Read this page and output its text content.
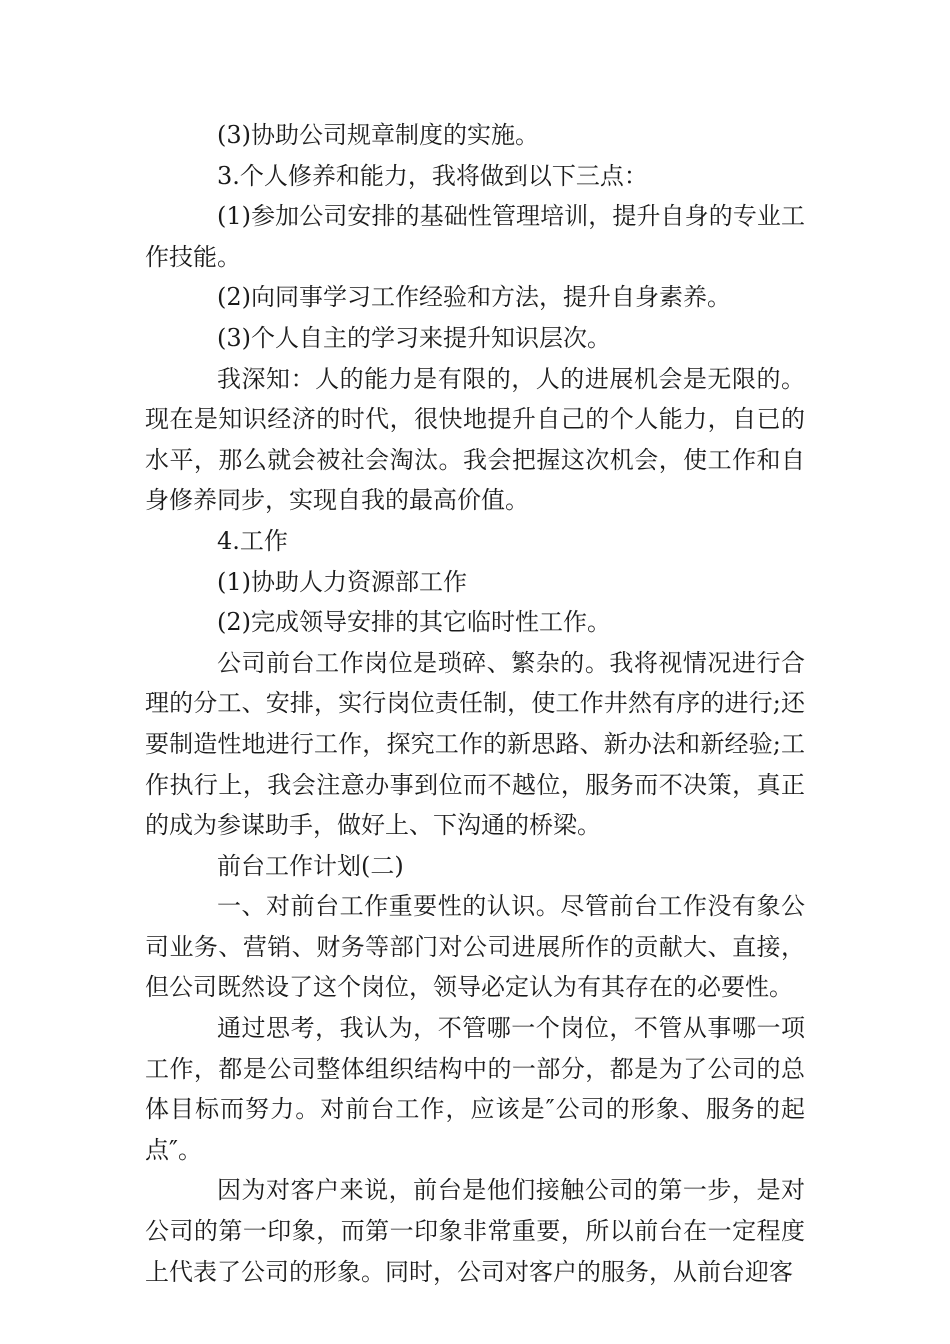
(3)协助公司规章制度的实施。

3.个人修养和能力，我将做到以下三点：

(1)参加公司安排的基础性管理培训，提升自身的专业工作技能。

(2)向同事学习工作经验和方法，提升自身素养。

(3)个人自主的学习来提升知识层次。

我深知：人的能力是有限的，人的进展机会是无限的。现在是知识经济的时代，很快地提升自己的个人能力，自已的水平，那么就会被社会淘汰。我会把握这次机会，使工作和自身修养同步，实现自我的最高价值。

4.工作

(1)协助人力资源部工作

(2)完成领导安排的其它临时性工作。

公司前台工作岗位是琐碎、繁杂的。我将视情况进行合理的分工、安排，实行岗位责任制，使工作井然有序的进行;还要制造性地进行工作，探究工作的新思路、新办法和新经验;工作执行上，我会注意办事到位而不越位，服务而不决策，真正的成为参谋助手，做好上、下沟通的桥梁。

前台工作计划(二)

一、对前台工作重要性的认识。尽管前台工作没有象公司业务、营销、财务等部门对公司进展所作的贡献大、直接，但公司既然设了这个岗位，领导必定认为有其存在的必要性。

通过思考，我认为，不管哪一个岗位，不管从事哪一项工作，都是公司整体组织结构中的一部分，都是为了公司的总体目标而努力。对前台工作，应该是″公司的形象、服务的起点″。

因为对客户来说，前台是他们接触公司的第一步，是对公司的第一印象，而第一印象非常重要，所以前台在一定程度上代表了公司的形象。同时，公司对客户的服务，从前台迎客
